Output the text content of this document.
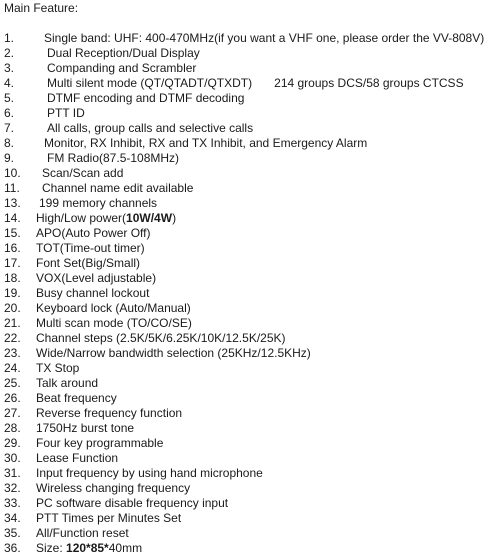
Main Feature:
1.	Single band: UHF: 400-470MHz(if you want a VHF one, please order the VV-808V)
2.	Dual Reception/Dual Display
3.	Companding and Scrambler
4.	Multi silent mode (QT/QTADT/QTXDT) 214 groups DCS/58 groups CTCSS
5.	DTMF encoding and DTMF decoding
6.	PTT ID
7.	All calls, group calls and selective calls
8.	Monitor, RX Inhibit, RX and TX Inhibit, and Emergency Alarm
9.	FM Radio(87.5-108MHz)
10.	Scan/Scan add
11.	Channel name edit available
13.	199 memory channels
14.	High/Low power(10W/4W)
15.	APO(Auto Power Off)
16.	TOT(Time-out timer)
17.	Font Set(Big/Small)
18.	VOX(Level adjustable)
19.	Busy channel lockout
20.	Keyboard lock (Auto/Manual)
21.	Multi scan mode (TO/CO/SE)
22.	Channel steps (2.5K/5K/6.25K/10K/12.5K/25K)
23.	Wide/Narrow bandwidth selection (25KHz/12.5KHz)
24.	TX Stop
25.	Talk around
26.	Beat frequency
27.	Reverse frequency function
28.	1750Hz burst tone
29.	Four key programmable
30.	Lease Function
31.	Input frequency by using hand microphone
32.	Wireless changing frequency
33.	PC software disable frequency input
34.	PTT Times per Minutes Set
35.	All/Function reset
36.	Size: 120*85*40mm
